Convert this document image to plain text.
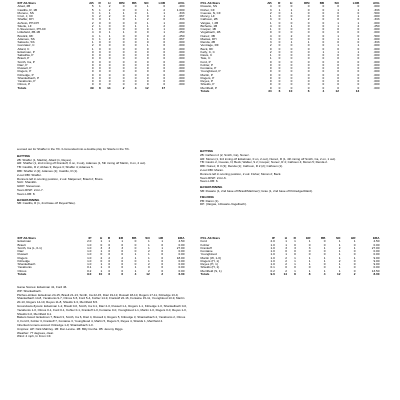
INT All-Stars	AB	R	H	RBI	BB	SO	LOB	AVG
Abad, 2B	5	1	2	0	0	1	0	.400
Castillo, R, 1B	5	1	2	0	0	1	2	1.000
Moreno, SS	3	1	1	1	0	1	1	.333
Cruz, J, CF	3	2	2	0	1	0	1	.667
Shaffer, DH	3	0	1	0	1	2	0	.333
deSoto, PH-DH	2	0	0	0	0	1	1	.000
Stierle, LF	2	1	0	0	1	1	2	.000
b-Stevenson, PH-CF	1	0	0	0	0	0	1	.000
Littlefield, 3B-1B	4	0	1	1	0	0	1	.250
Bostick, RF	4	1	1	0	0	0	2	.250
Adames, SS	3	1	2	0	0	1	0	.667
Salcedo, SS	1	0	0	0	0	0	0	.000
Gonzalez, C	2	0	0	0	0	1	0	.000
Allard, C	1	0	0	0	0	0	0	.000
Eckelman, P	0	0	0	0	0	0	0	.000
Sabathia, P	0	0	0	0	0	0	0	.000
Brault, P	0	0	0	0	0	0	0	.000
Smith, Ca, P	0	0	0	0	0	0	0	.000
Diaz, P	0	0	0	0	0	0	0	.000
Russell, P	0	0	0	0	0	0	0	.000
Rogers, P	0	0	0	0	0	0	0	.000
Kittredge, P	0	0	0	0	0	0	0	.000
Shankelbach, P	0	0	0	0	0	0	0	.000
Yacabonis, P	0	0	0	0	0	0	0	.000
Olmos, P	0	0	0	0	0	0	0	.000
Totals	39	8	14	2	4	12	17	
PCL All-Stars	AB	R	H	RBI	BB	SO	LOB	AVG
Rosario, SS	4	0	0	0	0	0	0	.000
Fisher, CF	3	1	1	0	0	1	1	.333
Cuevas, N, CF	2	0	1	0	0	0	0	.500
Muncy, LF	1	0	0	0	0	0	1	.000
Calhoun, 2B	3	0	1	2	0	0	0	.333
Vargas, I, 2B	1	0	0	0	0	1	1	.000
Bichette, 1B	4	0	1	0	0	1	2	.250
Cooper, 1B	1	0	0	0	0	0	0	.000
Vogelbach, 1B	0	0	0	0	0	0	0	.000
Nunez, 3B	4	0	2	0	0	1	0	.500
Macias, DH	3	0	0	0	0	1	1	.000
Renda, 2B	3	0	1	1	0	0	0	.333
Ventrage, RF	2	0	0	0	0	1	1	.000
Beck, RF	0	0	0	0	0	0	0	.000
Kelly, C, C	2	0	0	0	1	1	1	.000
Davis, C	1	0	0	0	0	0	0	.000
Tate, C	1	0	0	0	0	0	0	.000
Ford, P	0	0	0	0	0	0	0	.000
Kohler, P	0	0	0	0	0	0	0	.000
Fontaine, P	0	0	0	0	0	0	0	.000
Youngblood, P	0	0	0	0	0	0	0	.000
Martin, P	0	0	0	0	0	0	0	.000
Rogers, P	0	0	0	0	0	0	0	.000
Reyes, P	0	0	0	0	0	0	0	.000
Shields, P	0	0	0	0	0	0	0	.000
Merrifield, P	0	0	0	0	0	0	0	.000
Totals	34	6	10	6	4	12	13	
a-Lined out for Shaffer in the 7th. b-Grounded into a double play for Stierle in the 7th.
BATTING
2B: Shaffer (1, Madris), Allard (1, Reyes).
HR: Shaffer (1, 2nd inning off Frankoff, 0 on, 0 out), Adames (1, 5th inning off Martin, 0 on, 2 out).
TB: Castillo, R 2; Abbas 3; Reyes 3; Shaffer 4; Adames 5.
RBI: Shaffer 2 (2); Adames (1); Castillo, R (1).
2-out RBI: Shaffer.
Runners left in scoring position, 2 out: Matjemez; Brault 2; Bruns.
SAC: Shanklin.
GIDP: Stevenson.
Team RISP: 2-for-7.
Team LOB: 8.
BASERUNNING
SB: Castillo, R (1, 2nd base off Reyes/Tate).
BATTING
2B: Calhoun 2 (2, Smith, Ca), Nunez.
HR: Moran (1, 3rd inning off Eckelman, 0 on, 2 out), Nunez, R (1, 4th inning off Smith, Ca, 2 on, 1 out).
TB: Castro 2, Cuevas, N; Beck; Walker, S 2; Cooper; Nunez, R 4; Calhoun 4; Moran 5; Renda 2.
RBI: Nunez, R 3 (3); Renda (1); Calhoun, R 2 (2); Calhoun (1).
2-out RBI: Moran.
Runners left in scoring position, 2 out: Fisher; Moran 2; Beck.
Team RISP: 2-for-6.
Team LOB: 6.
BASERUNNING
SB: Rosario (1, 2nd base off Brault/Martinez); Grau (1, 2nd base off Kittredge/Allard).
FIELDING
PB: Daron (1).
DP: (Vargas, I-Rosario-Vogelbach).
INT All-Stars	IP	H	R	ER	BB	SO	HR	ERA
Eckelman	2.0	1	1	1	0	1	1	4.50
Brault	1.0	0	0	0	0	1	0	0.00
Smith, Ca (L, 0-1)	1.0	3	3	3	0	1	1	27.00
Diaz	1.0	1	0	0	0	2	0	0.00
Russell	1.0	0	0	0	1	1	0	0.00
Rogers	1.0	2	2	2	1	1	0	18.00
Kittredge	1.0	0	0	0	0	1	0	0.00
Shankelbach	1.0	1	0	0	0	2	0	0.00
Yacabonis	0.1	1	0	0	1	0	0	0.00
Olmos	0.2	1	0	0	1	2	0	0.00
Totals	9.0	10	6	6	4	12	2	6.00
PCL All-Stars	IP	H	R	ER	BB	SO	HR	ERA
Ford	2.0	1	1	1	0	1	1	4.50
Kohler	1.0	1	0	0	0	1	0	0.00
Frankoff	1.0	3	3	3	1	2	1	27.00
Fontaine	1.0	0	0	0	0	1	0	0.00
Youngblood	1.0	1	0	0	0	1	0	0.00
Martin (W, 1-0)	1.0	2	1	1	1	1	1	9.00
Rogers (H, 1)	1.0	2	1	1	1	2	0	9.00
Reyes (H, 1)	1.0	2	1	1	0	1	0	9.00
Shields (H, 1)	0.1	0	0	0	0	1	0	0.00
Merrifield (S, 1)	0.2	2	1	1	1	1	0	13.50
Totals	9.0	14	8	8	4	12	2	8.00
Game Scores: Eckelman 41, Ford 46.
WP: Shankelbach.
Pitches-strikes: Eckelman 24-15, Brault 21-13, Smith, Ca 22-15, Diaz 19-13, Russell 18-10, Rogers 17-11, Kittredge 13-9, Shankelbach 14-8, Yacabonis 9-7, Olmos 6-5, Ford 5-4, Kohler 14-9, Frankoff 22-16, Fontaine 15-11, Youngblood 13-9, Martin 20-13, Rogers 14-10, Reyes 11-8, Shields 3-3, Merrifield 8-5.
Groundouts-flyouts: Eckelman 1-2, Brault 0-0, Smith, Ca 0-1, Diaz 2-0, Russell 1-1, Rogers 1-1, Kittredge 1-0, Shankelbach 0-0, Yacabonis 1-0, Olmos 0-1, Ford 0-1, Kohler 0-1, Frankoff 1-0, Fontaine 0-0, Youngblood 1-1, Martin 1-0, Rogers 0-0, Reyes 1-0, Shields 0-0, Merrifield 0-1.
Batters faced: Eckelman 7, Brault 3, Smith, Ca 6, Diaz 4, Russell 4, Rogers 5, Kittredge 3, Shankelbach 4, Yacabonis 2, Olmos 3, Ford 6, Kohler 3, Frankoff 7, Fontaine 3, Youngblood 4, Martin 5, Rogers 5, Reyes 4, Shields 1, Merrifield 4.
Inherited runners-scored: Kittredge 1-0; Shankelbach 1-0.
Umpires: HP: Nick Mahrley. 1B: Ron Levine. 2B: Billy Cunha. 3B: Jeremy Riggs.
Weather: 77 degrees, clear.
Wind: 4 mph, In From CF.
